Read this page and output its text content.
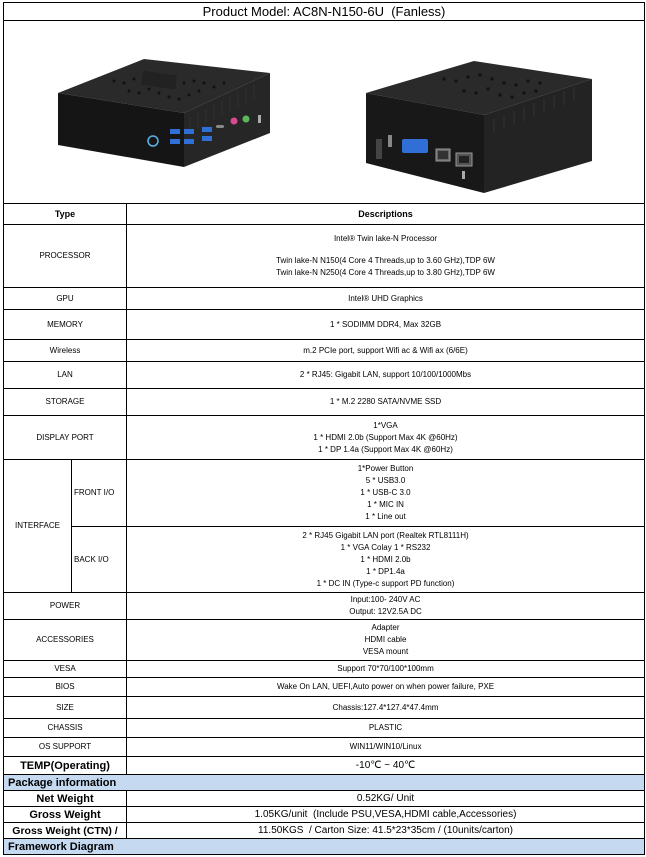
Product Model: AC8N-N150-6U  (Fanless)		

Type		Descriptions
PROCESSOR		Intel® Twin lake-N Processor
Twin lake-N N150(4 Core 4 Threads,up to 3.60 GHz),TDP 6W
Twin lake-N N250(4 Core 4 Threads,up to 3.80 GHz),TDP 6W

GPU		Intel® UHD Graphics
MEMORY		1 * SODIMM DDR4, Max 32GB
Wireless		m.2 PCIe port, support Wifi ac & Wifi ax (6/6E)
LAN		2 * RJ45: Gigabit LAN, support 10/100/1000Mbs
STORAGE		1 * M.2 2280 SATA/NVME SSD
DISPLAY PORT		1*VGA
1 * HDMI 2.0b (Support Max 4K @60Hz)
1 * DP 1.4a (Support Max 4K @60Hz)

INTERFACE	FRONT I/O	1*Power Button
5 * USB3.0
1 * USB-C 3.0
1 * MIC IN
1 * Line out

	BACK I/O	2 * RJ45 Gigabit LAN port (Realtek RTL8111H)
1 * VGA Colay 1 * RS232
1 * HDMI 2.0b
1 * DP1.4a
1 * DC IN (Type-c support PD function)

POWER		Input:100- 240V AC
Output: 12V2.5A DC

ACCESSORIES		Adapter
HDMI cable
VESA mount

VESA		Support 70*70/100*100mm
BIOS		Wake On LAN, UEFI,Auto power on when power failure, PXE
SIZE		Chassis:127.4*127.4*47.4mm
CHASSIS		PLASTIC
OS SUPPORT		WIN11/WIN10/Linux
TEMP(Operating)		-10℃ ~ 40℃
Package information		
Net Weight		0.52KG/ Unit
Gross Weight		1.05KG/unit  (Include PSU,VESA,HDMI cable,Accessories)
Gross Weight (CTN) /		11.50KGS  / Carton Size: 41.5*23*35cm / (10units/carton)
Framework Diagram		
